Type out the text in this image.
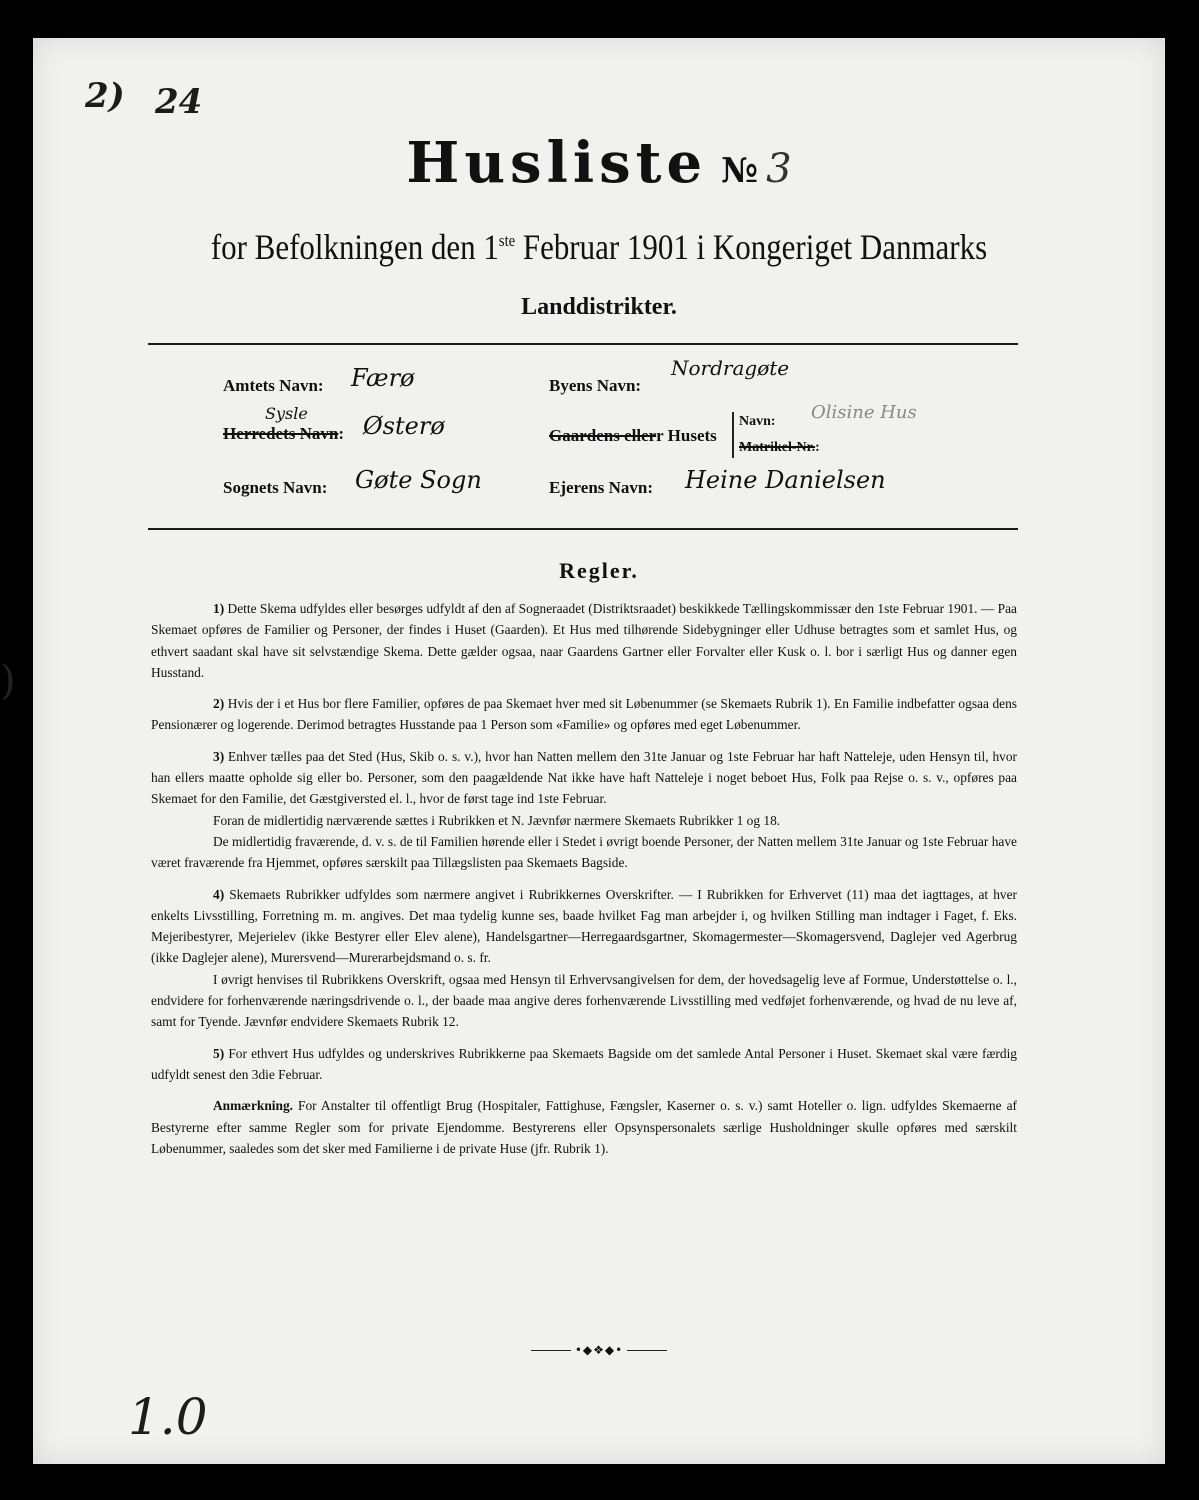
)
2) 24
Husliste № 3
for Befolkningen den 1ste Februar 1901 i Kongeriget Danmarks
Landdistrikter.
Amtets Navn: Færø
Sysle
Herredets Navn: Østerø
Sognets Navn: Gøte Sogn
Byens Navn:
Nordragøte
Gaardens ellerr Husets
Navn: Olisine Hus
Matrikel-Nr.:
Ejerens Navn: Heine Danielsen
Regler.

1) Dette Skema udfyldes eller besørges udfyldt af den af Sogneraadet (Distriktsraadet) beskikkede Tællingskommissær den 1ste Februar 1901. — Paa Skemaet opføres de Familier og Personer, der findes i Huset (Gaarden). Et Hus med tilhørende Sidebygninger eller Udhuse betragtes som et samlet Hus, og ethvert saadant skal have sit selvstændige Skema. Dette gælder ogsaa, naar Gaardens Gartner eller Forvalter eller Kusk o. l. bor i særligt Hus og danner egen Husstand.

2) Hvis der i et Hus bor flere Familier, opføres de paa Skemaet hver med sit Løbenummer (se Skemaets Rubrik 1). En Familie indbefatter ogsaa dens Pensionærer og logerende. Derimod betragtes Husstande paa 1 Person som «Familie» og opføres med eget Løbenummer.

3) Enhver tælles paa det Sted (Hus, Skib o. s. v.), hvor han Natten mellem den 31te Januar og 1ste Februar har haft Natteleje, uden Hensyn til, hvor han ellers maatte opholde sig eller bo. Personer, som den paagældende Nat ikke have haft Natteleje i noget beboet Hus, Folk paa Rejse o. s. v., opføres paa Skemaet for den Familie, det Gæstgiversted el. l., hvor de først tage ind 1ste Februar.

Foran de midlertidig nærværende sættes i Rubrikken et N. Jævnfør nærmere Skemaets Rubrikker 1 og 18.

De midlertidig fraværende, d. v. s. de til Familien hørende eller i Stedet i øvrigt boende Personer, der Natten mellem 31te Januar og 1ste Februar have været fraværende fra Hjemmet, opføres særskilt paa Tillægslisten paa Skemaets Bagside.

4) Skemaets Rubrikker udfyldes som nærmere angivet i Rubrikkernes Overskrifter. — I Rubrikken for Erhvervet (11) maa det iagttages, at hver enkelts Livsstilling, Forretning m. m. angives. Det maa tydelig kunne ses, baade hvilket Fag man arbejder i, og hvilken Stilling man indtager i Faget, f. Eks. Mejeribestyrer, Mejerielev (ikke Bestyrer eller Elev alene), Handelsgartner—Herregaardsgartner, Skomagermester—Skomagersvend, Daglejer ved Agerbrug (ikke Daglejer alene), Murersvend—Murerarbejdsmand o. s. fr.

I øvrigt henvises til Rubrikkens Overskrift, ogsaa med Hensyn til Erhvervsangivelsen for dem, der hovedsagelig leve af Formue, Understøttelse o. l., endvidere for forhenværende næringsdrivende o. l., der baade maa angive deres forhenværende Livsstilling med vedføjet forhenværende, og hvad de nu leve af, samt for Tyende. Jævnfør endvidere Skemaets Rubrik 12.

5) For ethvert Hus udfyldes og underskrives Rubrikkerne paa Skemaets Bagside om det samlede Antal Personer i Huset. Skemaet skal være færdig udfyldt senest den 3die Februar.

Anmærkning. For Anstalter til offentligt Brug (Hospitaler, Fattighuse, Fængsler, Kaserner o. s. v.) samt Hoteller o. lign. udfyldes Skemaerne af Bestyrerne efter samme Regler som for private Ejendomme. Bestyrerens eller Opsynspersonalets særlige Husholdninger skulle opføres med særskilt Løbenummer, saaledes som det sker med Familierne i de private Huse (jfr. Rubrik 1).

•◆❖◆•
1.0
